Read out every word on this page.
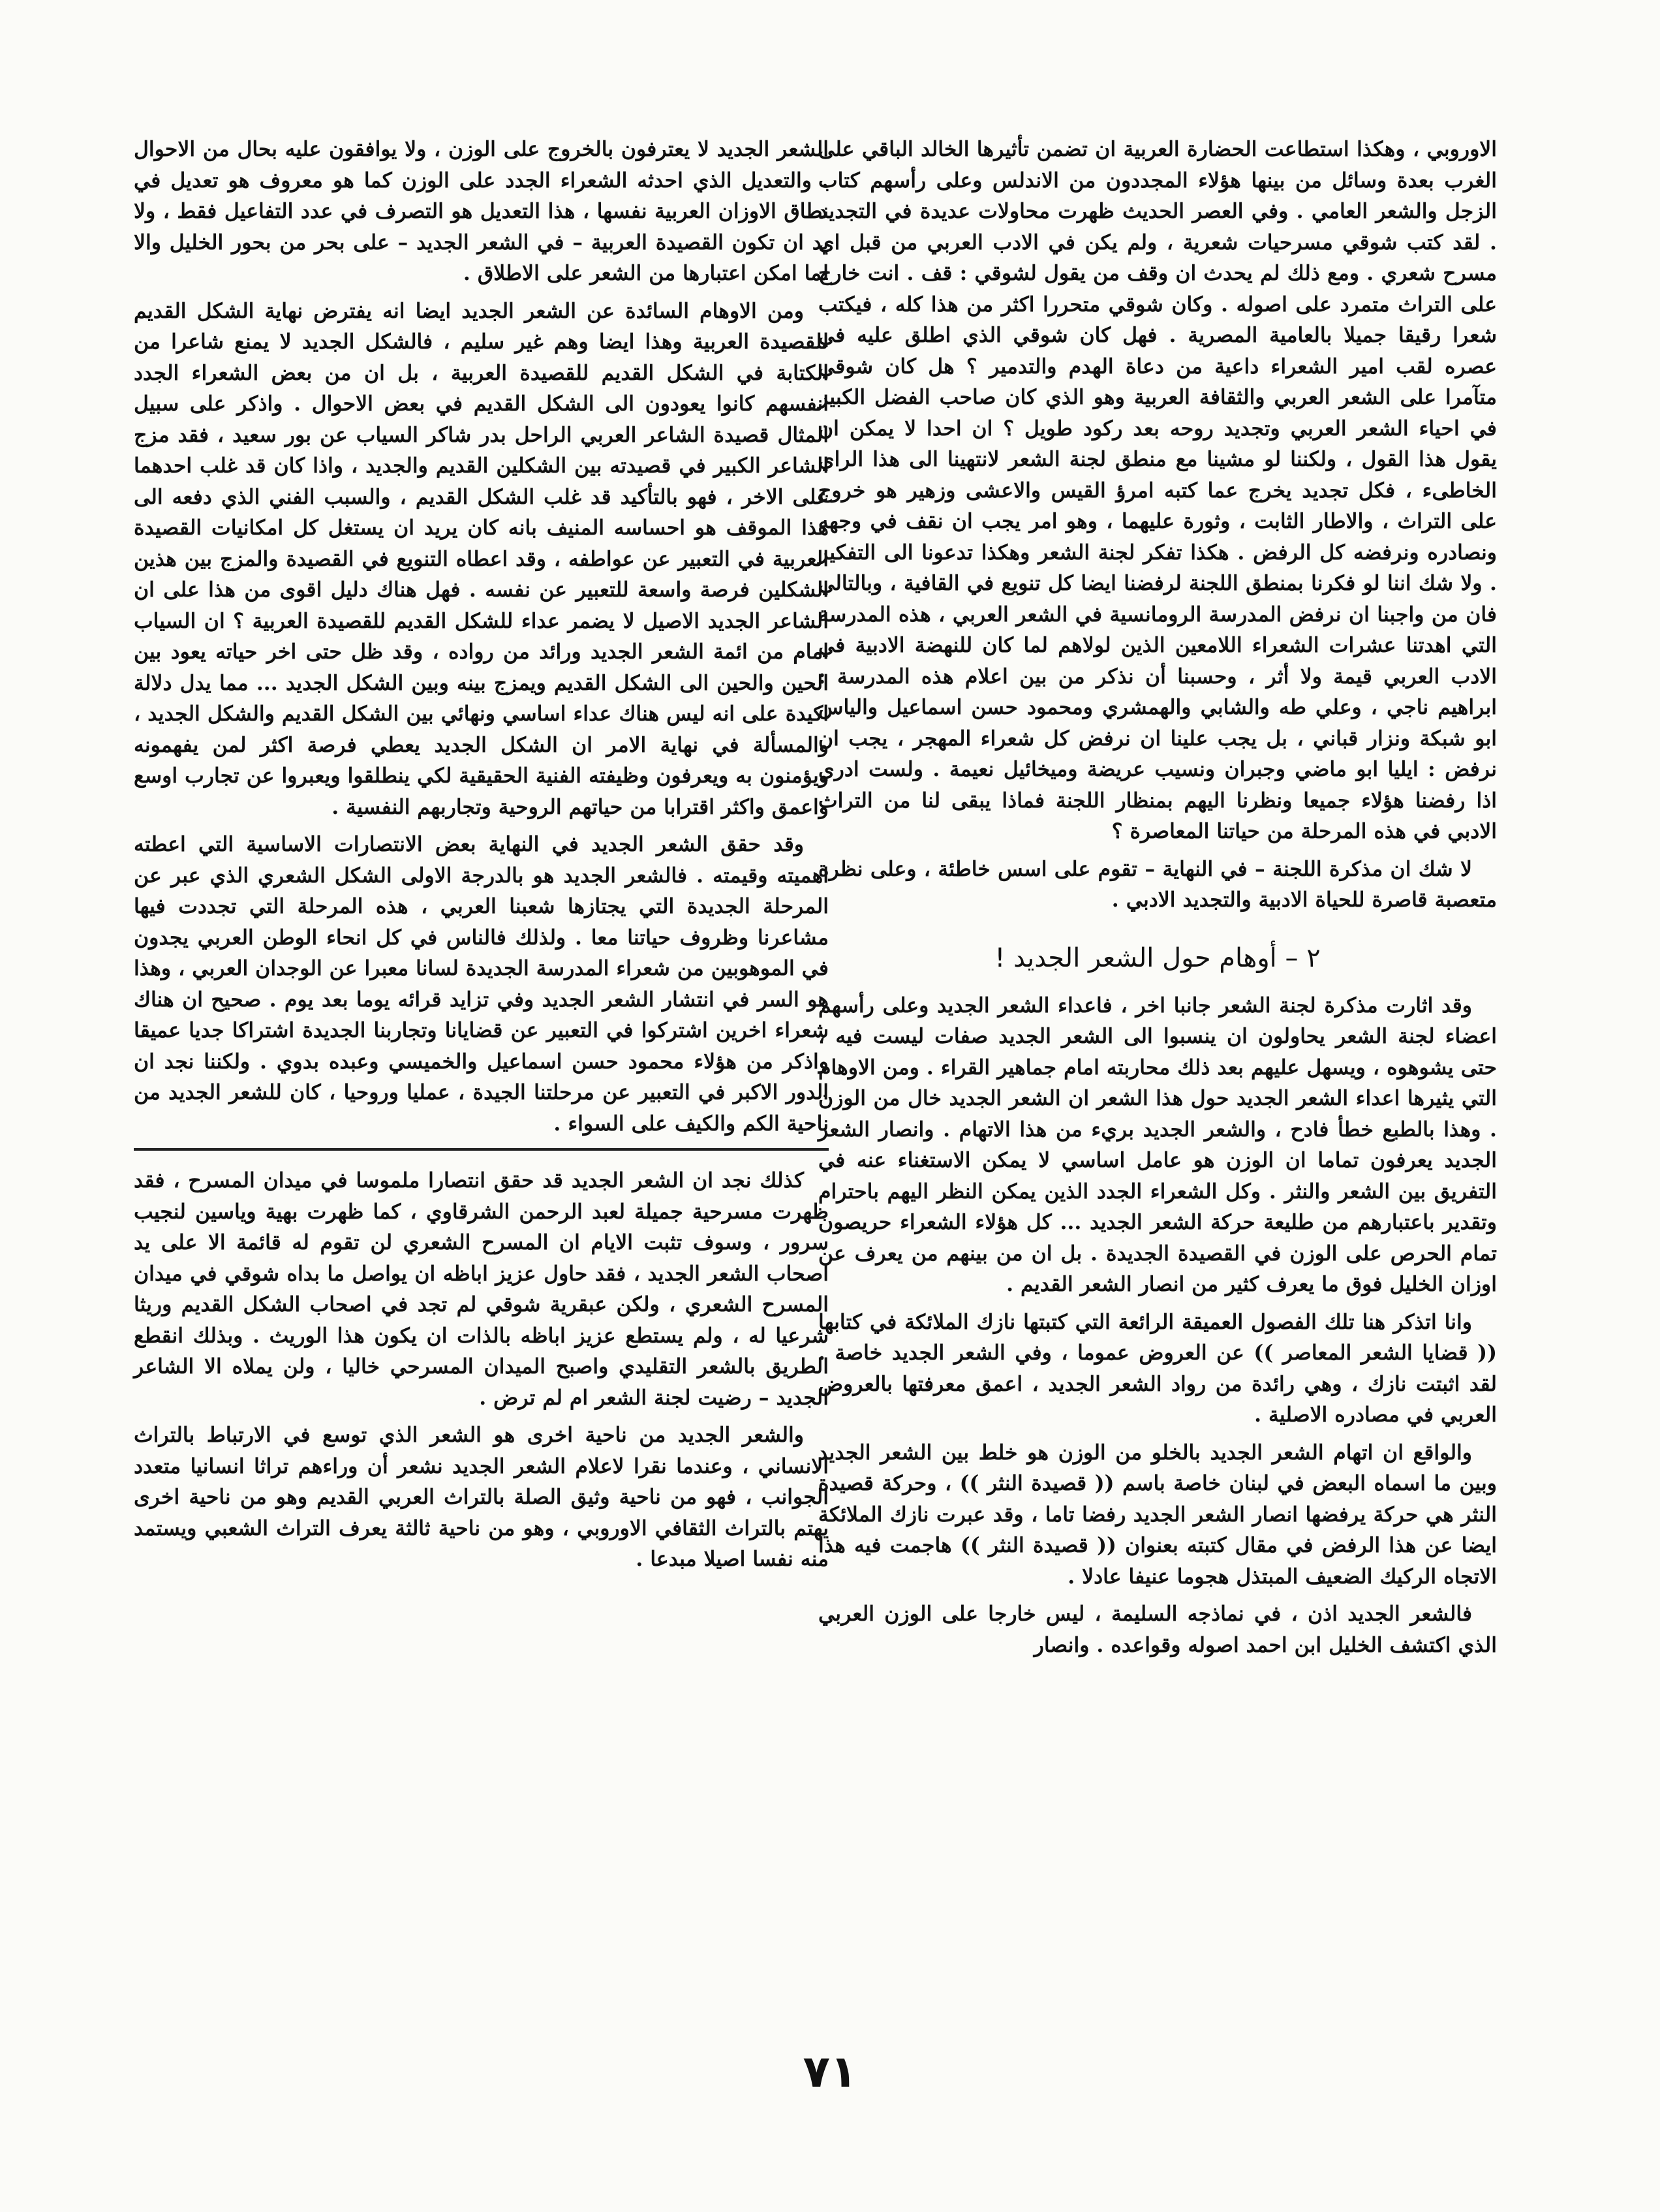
الاوروبي ، وهكذا استطاعت الحضارة العربية ان تضمن تأثيرها الخالد الباقي على الغرب بعدة وسائل من بينها هؤلاء المجددون من الاندلس وعلى رأسهم كتاب الزجل والشعر العامي . وفي العصر الحديث ظهرت محاولات عديدة في التجديد . لقد كتب شوقي مسرحيات شعرية ، ولم يكن في الادب العربي من قبل اي مسرح شعري . ومع ذلك لم يحدث ان وقف من يقول لشوقي : قف . انت خارج على التراث متمرد على اصوله . وكان شوقي متحررا اكثر من هذا كله ، فيكتب شعرا رقيقا جميلا بالعامية المصرية . فهل كان شوقي الذي اطلق عليه في عصره لقب امير الشعراء داعية من دعاة الهدم والتدمير ؟ هل كان شوقي متآمرا على الشعر العربي والثقافة العربية وهو الذي كان صاحب الفضل الكبير في احياء الشعر العربي وتجديد روحه بعد ركود طويل ؟ ان احدا لا يمكن ان يقول هذا القول ، ولكننا لو مشينا مع منطق لجنة الشعر لانتهينا الى هذا الراي الخاطىء ، فكل تجديد يخرج عما كتبه امرؤ القيس والاعشى وزهير هو خروج على التراث ، والاطار الثابت ، وثورة عليهما ، وهو امر يجب ان نقف في وجهه ونصادره ونرفضه كل الرفض . هكذا تفكر لجنة الشعر وهكذا تدعونا الى التفكير . ولا شك اننا لو فكرنا بمنطق اللجنة لرفضنا ايضا كل تنويع في القافية ، وبالتالي فان من واجبنا ان نرفض المدرسة الرومانسية في الشعر العربي ، هذه المدرسة التي اهدتنا عشرات الشعراء اللامعين الذين لولاهم لما كان للنهضة الادبية في الادب العربي قيمة ولا أثر ، وحسبنا أن نذكر من بين اعلام هذه المدرسة : ابراهيم ناجي ، وعلي طه والشابي والهمشري ومحمود حسن اسماعيل والياس ابو شبكة ونزار قباني ، بل يجب علينا ان نرفض كل شعراء المهجر ، يجب ان نرفض : ايليا ابو ماضي وجبران ونسيب عريضة وميخائيل نعيمة . ولست ادري اذا رفضنا هؤلاء جميعا ونظرنا اليهم بمنظار اللجنة فماذا يبقى لنا من التراث الادبي في هذه المرحلة من حياتنا المعاصرة ؟

لا شك ان مذكرة اللجنة – في النهاية – تقوم على اسس خاطئة ، وعلى نظرة متعصبة قاصرة للحياة الادبية والتجديد الادبي .

٢ – أوهام حول الشعر الجديد !

وقد اثارت مذكرة لجنة الشعر جانبا اخر ، فاعداء الشعر الجديد وعلى رأسهم اعضاء لجنة الشعر يحاولون ان ينسبوا الى الشعر الجديد صفات ليست فيه ، حتى يشوهوه ، ويسهل عليهم بعد ذلك محاربته امام جماهير القراء . ومن الاوهام التي يثيرها اعداء الشعر الجديد حول هذا الشعر ان الشعر الجديد خال من الوزن . وهذا بالطبع خطأ فادح ، والشعر الجديد بريء من هذا الاتهام . وانصار الشعر الجديد يعرفون تماما ان الوزن هو عامل اساسي لا يمكن الاستغناء عنه في التفريق بين الشعر والنثر . وكل الشعراء الجدد الذين يمكن النظر اليهم باحترام وتقدير باعتبارهم من طليعة حركة الشعر الجديد ... كل هؤلاء الشعراء حريصون تمام الحرص على الوزن في القصيدة الجديدة . بل ان من بينهم من يعرف عن اوزان الخليل فوق ما يعرف كثير من انصار الشعر القديم .

وانا اتذكر هنا تلك الفصول العميقة الرائعة التي كتبتها نازك الملائكة في كتابها (( قضايا الشعر المعاصر )) عن العروض عموما ، وفي الشعر الجديد خاصة . لقد اثبتت نازك ، وهي رائدة من رواد الشعر الجديد ، اعمق معرفتها بالعروض العربي في مصادره الاصلية .

والواقع ان اتهام الشعر الجديد بالخلو من الوزن هو خلط بين الشعر الجديد وبين ما اسماه البعض في لبنان خاصة باسم (( قصيدة النثر )) ، وحركة قصيدة النثر هي حركة يرفضها انصار الشعر الجديد رفضا تاما ، وقد عبرت نازك الملائكة ايضا عن هذا الرفض في مقال كتبته بعنوان (( قصيدة النثر )) هاجمت فيه هذا الاتجاه الركيك الضعيف المبتذل هجوما عنيفا عادلا .

فالشعر الجديد اذن ، في نماذجه السليمة ، ليس خارجا على الوزن العربي الذي اكتشف الخليل ابن احمد اصوله وقواعده . وانصار

الشعر الجديد لا يعترفون بالخروج على الوزن ، ولا يوافقون عليه بحال من الاحوال . والتعديل الذي احدثه الشعراء الجدد على الوزن كما هو معروف هو تعديل في نطاق الاوزان العربية نفسها ، هذا التعديل هو التصرف في عدد التفاعيل فقط ، ولا بد ان تكون القصيدة العربية – في الشعر الجديد – على بحر من بحور الخليل والا لما امكن اعتبارها من الشعر على الاطلاق .

ومن الاوهام السائدة عن الشعر الجديد ايضا انه يفترض نهاية الشكل القديم للقصيدة العربية وهذا ايضا وهم غير سليم ، فالشكل الجديد لا يمنع شاعرا من الكتابة في الشكل القديم للقصيدة العربية ، بل ان من بعض الشعراء الجدد انفسهم كانوا يعودون الى الشكل القديم في بعض الاحوال . واذكر على سبيل المثال قصيدة الشاعر العربي الراحل بدر شاكر السياب عن بور سعيد ، فقد مزج الشاعر الكبير في قصيدته بين الشكلين القديم والجديد ، واذا كان قد غلب احدهما على الاخر ، فهو بالتأكيد قد غلب الشكل القديم ، والسبب الفني الذي دفعه الى هذا الموقف هو احساسه المنيف بانه كان يريد ان يستغل كل امكانيات القصيدة العربية في التعبير عن عواطفه ، وقد اعطاه التنويع في القصيدة والمزج بين هذين الشكلين فرصة واسعة للتعبير عن نفسه . فهل هناك دليل اقوى من هذا على ان الشاعر الجديد الاصيل لا يضمر عداء للشكل القديم للقصيدة العربية ؟ ان السياب امام من ائمة الشعر الجديد ورائد من رواده ، وقد ظل حتى اخر حياته يعود بين الحين والحين الى الشكل القديم ويمزج بينه وبين الشكل الجديد ... مما يدل دلالة اكيدة على انه ليس هناك عداء اساسي ونهائي بين الشكل القديم والشكل الجديد ، والمسألة في نهاية الامر ان الشكل الجديد يعطي فرصة اكثر لمن يفهمونه ويؤمنون به ويعرفون وظيفته الفنية الحقيقية لكي ينطلقوا ويعبروا عن تجارب اوسع واعمق واكثر اقترابا من حياتهم الروحية وتجاربهم النفسية .

وقد حقق الشعر الجديد في النهاية بعض الانتصارات الاساسية التي اعطته اهميته وقيمته . فالشعر الجديد هو بالدرجة الاولى الشكل الشعري الذي عبر عن المرحلة الجديدة التي يجتازها شعبنا العربي ، هذه المرحلة التي تجددت فيها مشاعرنا وظروف حياتنا معا . ولذلك فالناس في كل انحاء الوطن العربي يجدون في الموهوبين من شعراء المدرسة الجديدة لسانا معبرا عن الوجدان العربي ، وهذا هو السر في انتشار الشعر الجديد وفي تزايد قرائه يوما بعد يوم . صحيح ان هناك شعراء اخرين اشتركوا في التعبير عن قضايانا وتجاربنا الجديدة اشتراكا جديا عميقا واذكر من هؤلاء محمود حسن اسماعيل والخميسي وعبده بدوي . ولكننا نجد ان الدور الاكبر في التعبير عن مرحلتنا الجيدة ، عمليا وروحيا ، كان للشعر الجديد من ناحية الكم والكيف على السواء .

كذلك نجد ان الشعر الجديد قد حقق انتصارا ملموسا في ميدان المسرح ، فقد ظهرت مسرحية جميلة لعبد الرحمن الشرقاوي ، كما ظهرت بهية وياسين لنجيب سرور ، وسوف تثبت الايام ان المسرح الشعري لن تقوم له قائمة الا على يد اصحاب الشعر الجديد ، فقد حاول عزيز اباظه ان يواصل ما بداه شوقي في ميدان المسرح الشعري ، ولكن عبقرية شوقي لم تجد في اصحاب الشكل القديم وريثا شرعيا له ، ولم يستطع عزيز اباظه بالذات ان يكون هذا الوريث . وبذلك انقطع الطريق بالشعر التقليدي واصبح الميدان المسرحي خاليا ، ولن يملاه الا الشاعر الجديد – رضيت لجنة الشعر ام لم ترض .

والشعر الجديد من ناحية اخرى هو الشعر الذي توسع في الارتباط بالتراث الانساني ، وعندما نقرا لاعلام الشعر الجديد نشعر أن وراءهم تراثا انسانيا متعدد الجوانب ، فهو من ناحية وثيق الصلة بالتراث العربي القديم وهو من ناحية اخرى يهتم بالتراث الثقافي الاوروبي ، وهو من ناحية ثالثة يعرف التراث الشعبي ويستمد منه نفسا اصيلا مبدعا .

٧١
